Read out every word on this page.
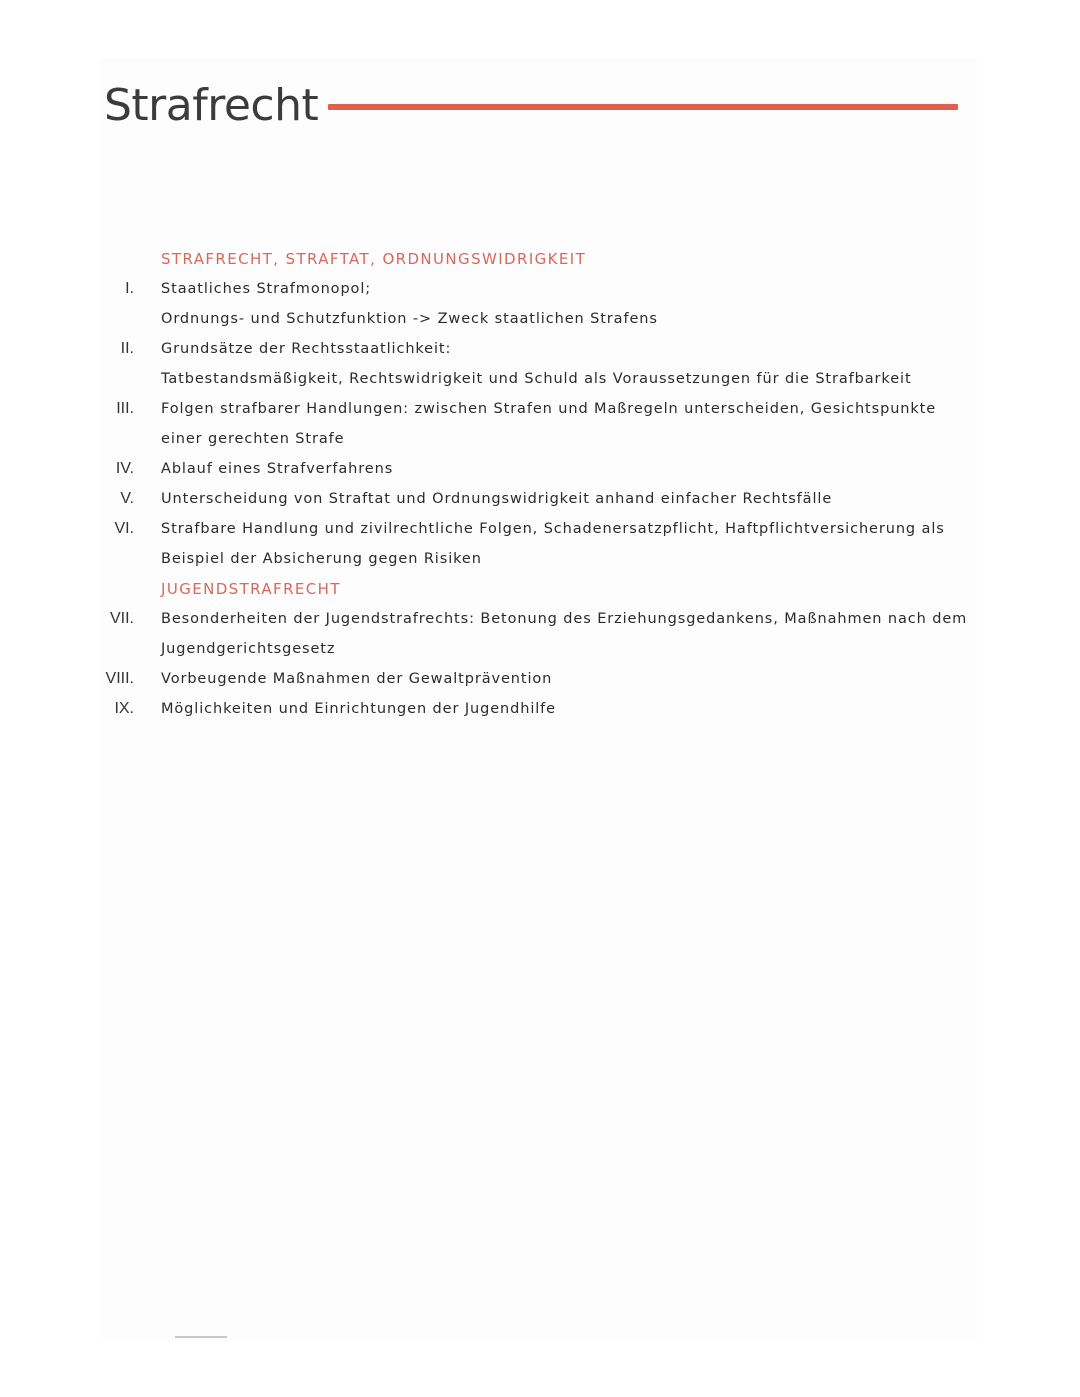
Strafrecht
STRAFRECHT, STRAFTAT, ORDNUNGSWIDRIGKEIT
I. Staatliches Strafmonopol;
Ordnungs- und Schutzfunktion -> Zweck staatlichen Strafens
II. Grundsätze der Rechtsstaatlichkeit:
Tatbestandsmäßigkeit, Rechtswidrigkeit und Schuld als Voraussetzungen für die Strafbarkeit
III. Folgen strafbarer Handlungen: zwischen Strafen und Maßregeln unterscheiden, Gesichtspunkte
einer gerechten Strafe
IV. Ablauf eines Strafverfahrens
V. Unterscheidung von Straftat und Ordnungswidrigkeit anhand einfacher Rechtsfälle
VI. Strafbare Handlung und zivilrechtliche Folgen, Schadenersatzpflicht, Haftpflichtversicherung als
Beispiel der Absicherung gegen Risiken
JUGENDSTRAFRECHT
VII. Besonderheiten der Jugendstrafrechts: Betonung des Erziehungsgedankens, Maßnahmen nach dem
Jugendgerichtsgesetz
VIII. Vorbeugende Maßnahmen der Gewaltprävention
IX. Möglichkeiten und Einrichtungen der Jugendhilfe
